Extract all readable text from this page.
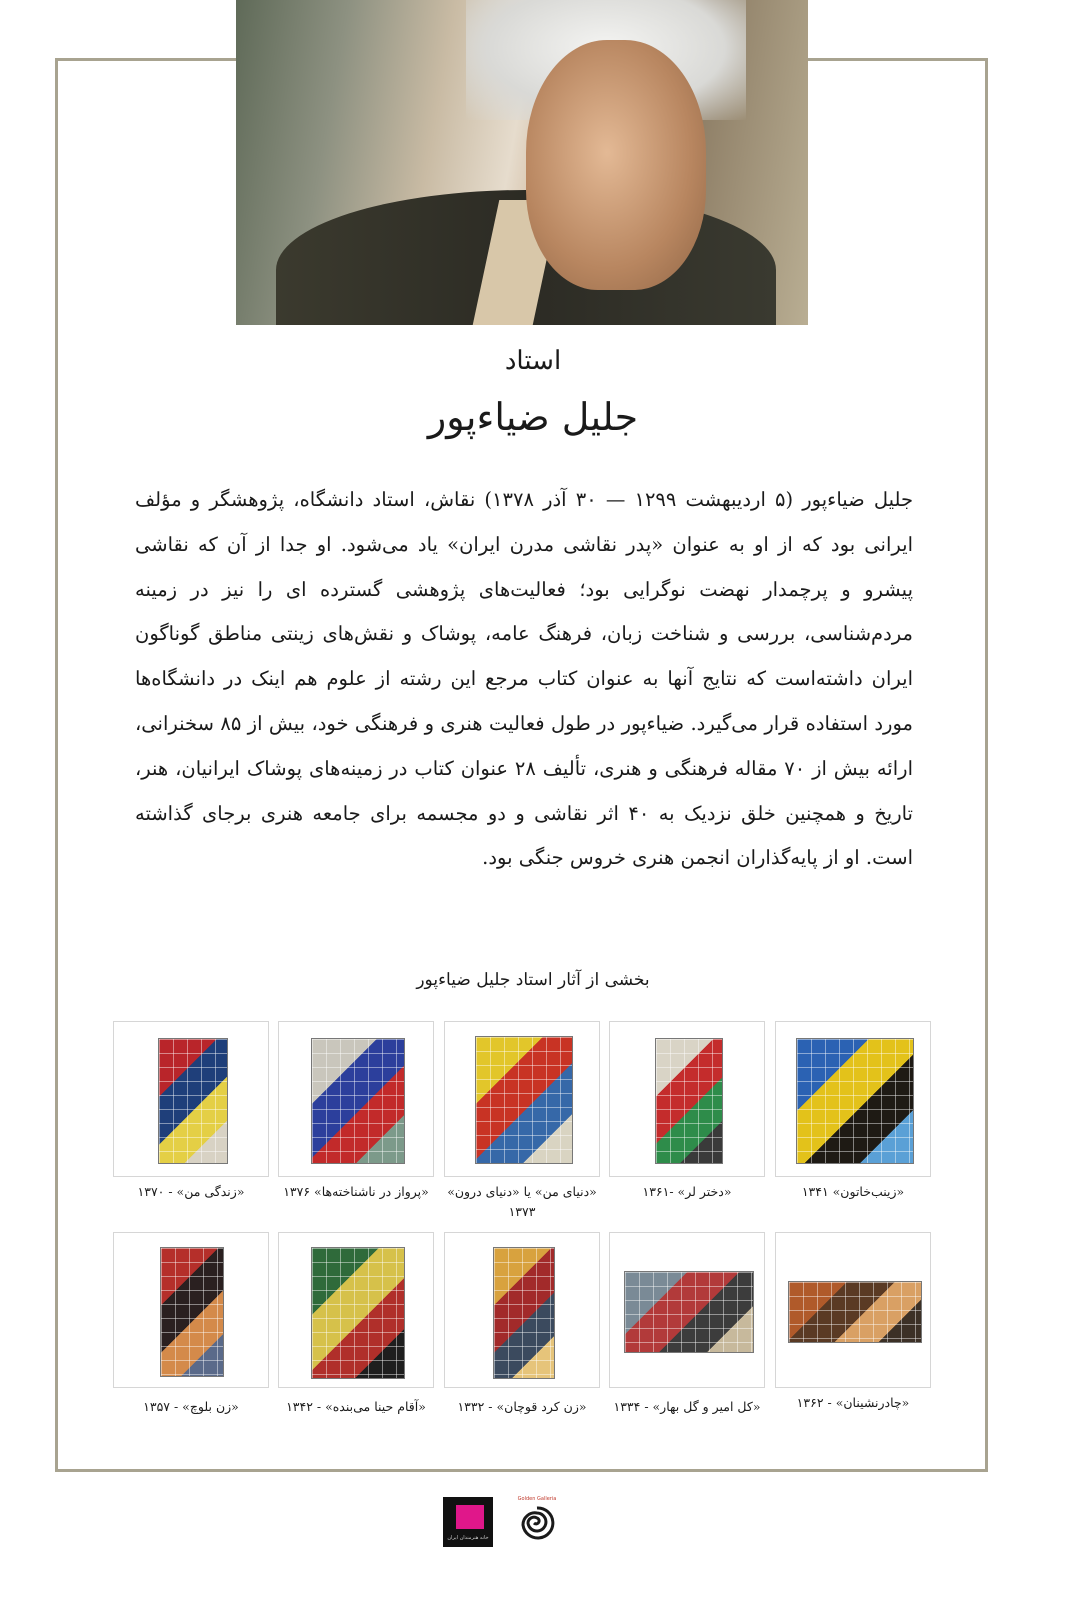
استاد
جلیل ضیاءپور
جلیل ضیاءپور (۵ اردیبهشت ۱۲۹۹ — ۳۰ آذر ۱۳۷۸) نقاش، استاد دانشگاه، پژوهشگر و مؤلف ایرانی بود که از او به عنوان «پدر نقاشی مدرن ایران» یاد می‌شود. او جدا از آن که نقاشی پیشرو و پرچمدار نهضت نوگرایی بود؛ فعالیت‌های پژوهشی گسترده ای را نیز در زمینه مردم‌شناسی، بررسی و شناخت زبان، فرهنگ عامه، پوشاک و نقش‌های زینتی مناطق گوناگون ایران داشته‌است که نتایج آنها به عنوان کتاب مرجع این رشته از علوم هم اینک در دانشگاه‌ها مورد استفاده قرار می‌گیرد. ضیاءپور در طول فعالیت هنری و فرهنگی خود، بیش از ۸۵ سخنرانی، ارائه بیش از ۷۰ مقاله فرهنگی و هنری، تألیف ۲۸ عنوان کتاب در زمینه‌های پوشاک ایرانیان، هنر، تاریخ و همچنین خلق نزدیک به ۴۰ اثر نقاشی و دو مجسمه برای جامعه هنری برجای گذاشته است. او از پایه‌گذاران انجمن هنری خروس جنگی بود.
بخشی از آثار استاد جلیل ضیاءپور
«زینب‌خاتون» ۱۳۴۱
«دختر لر» -۱۳۶۱
«دنیای من» یا «دنیای درون» ۱۳۷۳
«پرواز در ناشناخته‌ها» ۱۳۷۶
«زندگی من» - ۱۳۷۰
«چادرنشینان» - ۱۳۶۲
«کل امیر و گل بهار» - ۱۳۳۴
«زن کرد قوچان» - ۱۳۳۲
«آقام حینا می‌بنده» - ۱۳۴۲
«زن بلوچ» - ۱۳۵۷
خانه هنرمندان ایران
Golden Galleria
